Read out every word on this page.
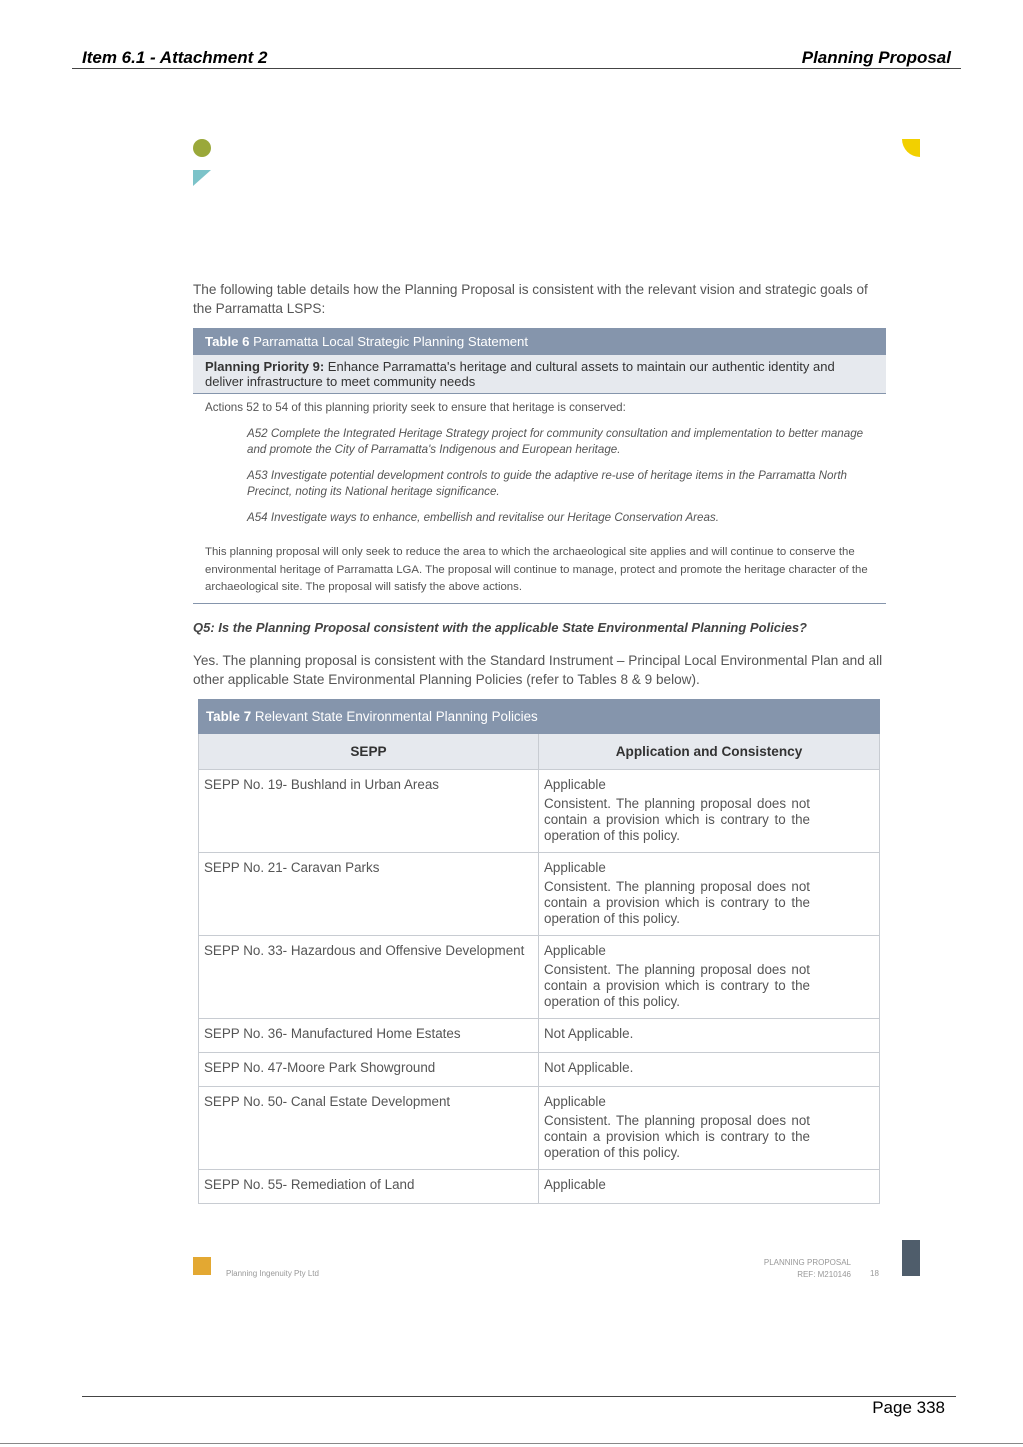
Item 6.1 - Attachment 2	Planning Proposal
The following table details how the Planning Proposal is consistent with the relevant vision and strategic goals of the Parramatta LSPS:
Table 6 Parramatta Local Strategic Planning Statement
Planning Priority 9: Enhance Parramatta's heritage and cultural assets to maintain our authentic identity and deliver infrastructure to meet community needs

Actions 52 to 54 of this planning priority seek to ensure that heritage is conserved:

A52 Complete the Integrated Heritage Strategy project for community consultation and implementation to better manage and promote the City of Parramatta's Indigenous and European heritage.

A53 Investigate potential development controls to guide the adaptive re-use of heritage items in the Parramatta North Precinct, noting its National heritage significance.

A54 Investigate ways to enhance, embellish and revitalise our Heritage Conservation Areas.

This planning proposal will only seek to reduce the area to which the archaeological site applies and will continue to conserve the environmental heritage of Parramatta LGA. The proposal will continue to manage, protect and promote the heritage character of the archaeological site. The proposal will satisfy the above actions.

Q5: Is the Planning Proposal consistent with the applicable State Environmental Planning Policies?
Yes. The planning proposal is consistent with the Standard Instrument – Principal Local Environmental Plan and all other applicable State Environmental Planning Policies (refer to Tables 8 & 9 below).
Table 7 Relevant State Environmental Planning Policies	
SEPP	Application and Consistency
SEPP No. 19- Bushland in Urban Areas	Applicable
Consistent. The planning proposal does not contain a provision which is contrary to the operation of this policy.

SEPP No. 21- Caravan Parks	Applicable
Consistent. The planning proposal does not contain a provision which is contrary to the operation of this policy.

SEPP No. 33- Hazardous and Offensive Development	Applicable
Consistent. The planning proposal does not contain a provision which is contrary to the operation of this policy.

SEPP No. 36- Manufactured Home Estates	Not Applicable.

SEPP No. 47-Moore Park Showground	Not Applicable.

SEPP No. 50- Canal Estate Development	Applicable
Consistent. The planning proposal does not contain a provision which is contrary to the operation of this policy.

SEPP No. 55- Remediation of Land	Applicable
Planning Ingenuity Pty Ltd
PLANNING PROPOSAL
REF: M210146 18
Page 338
